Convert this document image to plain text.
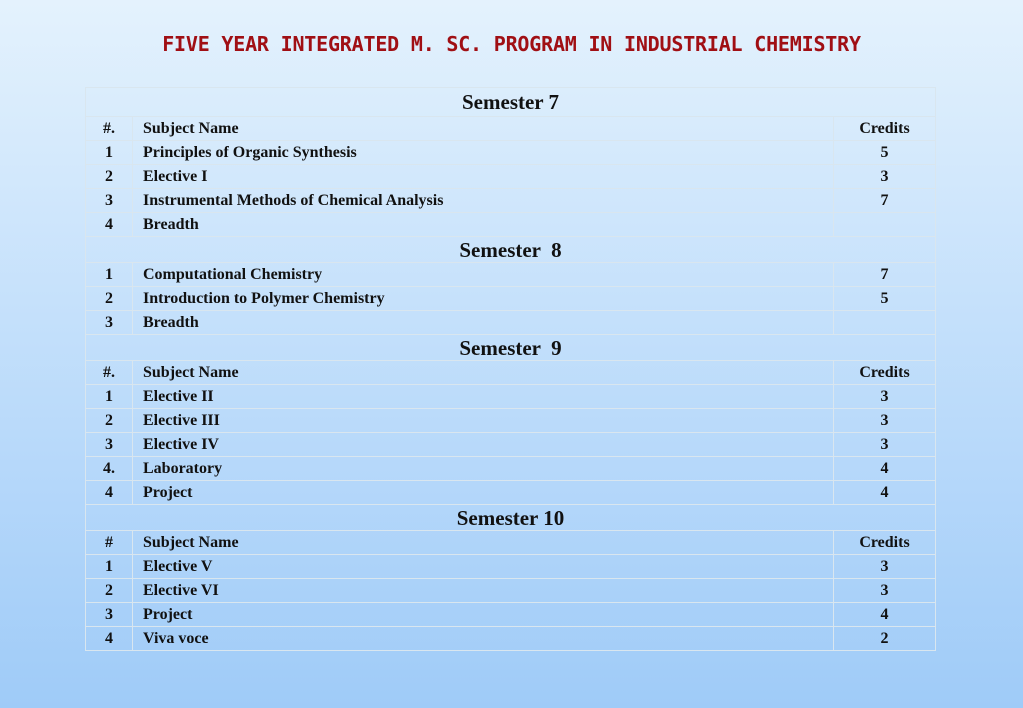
FIVE YEAR INTEGRATED M. SC. PROGRAM IN INDUSTRIAL CHEMISTRY
Semester 7		
#.	Subject Name	Credits
1	Principles of Organic Synthesis	5
2	Elective I	3
3	Instrumental Methods of Chemical Analysis	7
4	Breadth	
Semester  8		
1	Computational Chemistry	7
2	Introduction to Polymer Chemistry	5
3	Breadth	
Semester  9		
#.	Subject Name	Credits
1	Elective II	3
2	Elective III	3
3	Elective IV	3
4.	Laboratory	4
4	Project	4
Semester 10		
#	Subject Name	Credits
1	Elective V	3
2	Elective VI	3
3	Project	4
4	Viva voce	2
